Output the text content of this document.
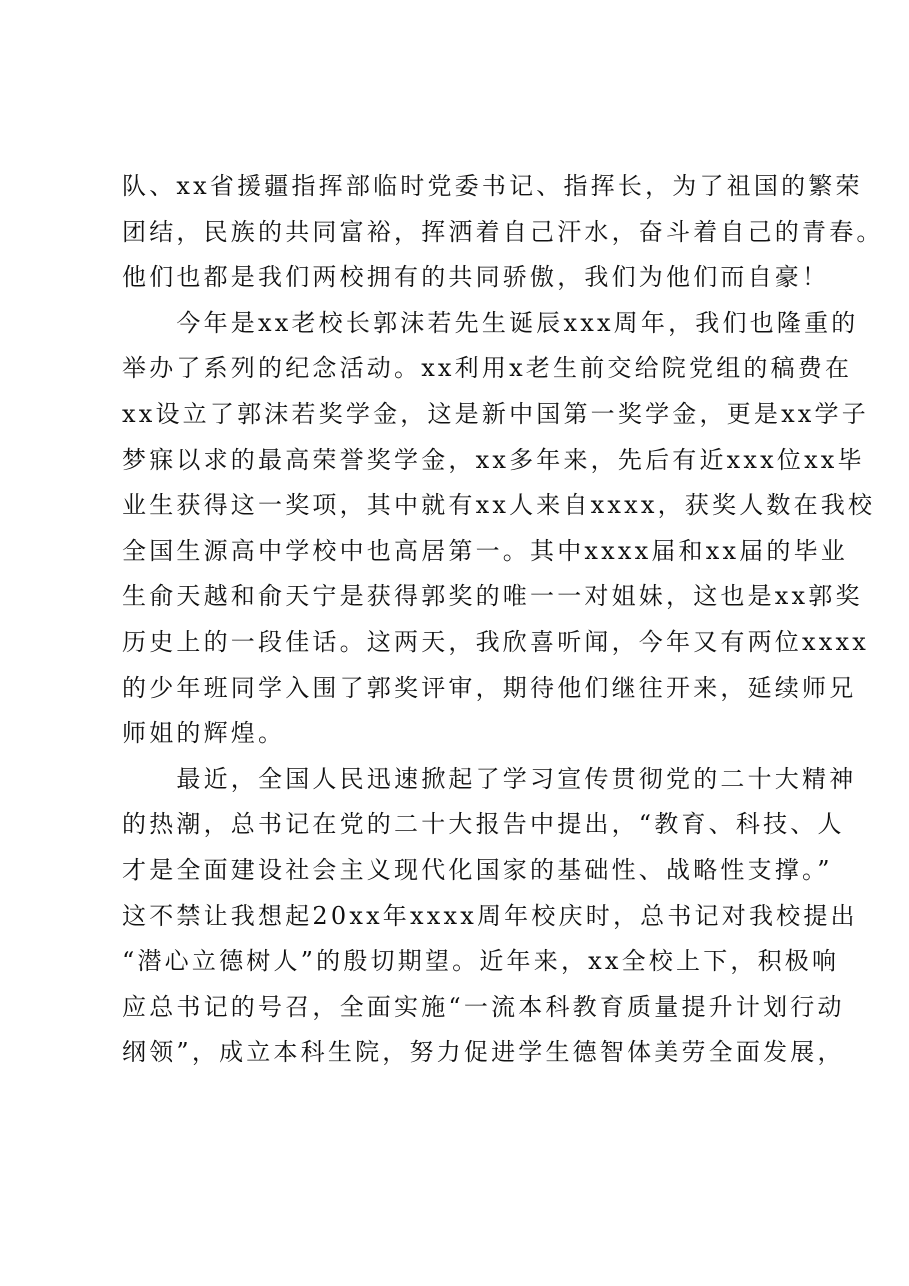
队、xx省援疆指挥部临时党委书记、指挥长，为了祖国的繁荣
团结，民族的共同富裕，挥洒着自己汗水，奋斗着自己的青春。
他们也都是我们两校拥有的共同骄傲，我们为他们而自豪！
　　今年是xx老校长郭沫若先生诞辰xxx周年，我们也隆重的
举办了系列的纪念活动。xx利用x老生前交给院党组的稿费在
xx设立了郭沫若奖学金，这是新中国第一奖学金，更是xx学子
梦寐以求的最高荣誉奖学金，xx多年来，先后有近xxx位xx毕
业生获得这一奖项，其中就有xx人来自xxxx，获奖人数在我校
全国生源高中学校中也高居第一。其中xxxx届和xx届的毕业
生俞天越和俞天宁是获得郭奖的唯一一对姐妹，这也是xx郭奖
历史上的一段佳话。这两天，我欣喜听闻，今年又有两位xxxx
的少年班同学入围了郭奖评审，期待他们继往开来，延续师兄
师姐的辉煌。
　　最近，全国人民迅速掀起了学习宣传贯彻党的二十大精神
的热潮，总书记在党的二十大报告中提出，“教育、科技、人
才是全面建设社会主义现代化国家的基础性、战略性支撑。”
这不禁让我想起20xx年xxxx周年校庆时，总书记对我校提出
“潜心立德树人”的殷切期望。近年来，xx全校上下，积极响
应总书记的号召，全面实施“一流本科教育质量提升计划行动
纲领”，成立本科生院，努力促进学生德智体美劳全面发展，
